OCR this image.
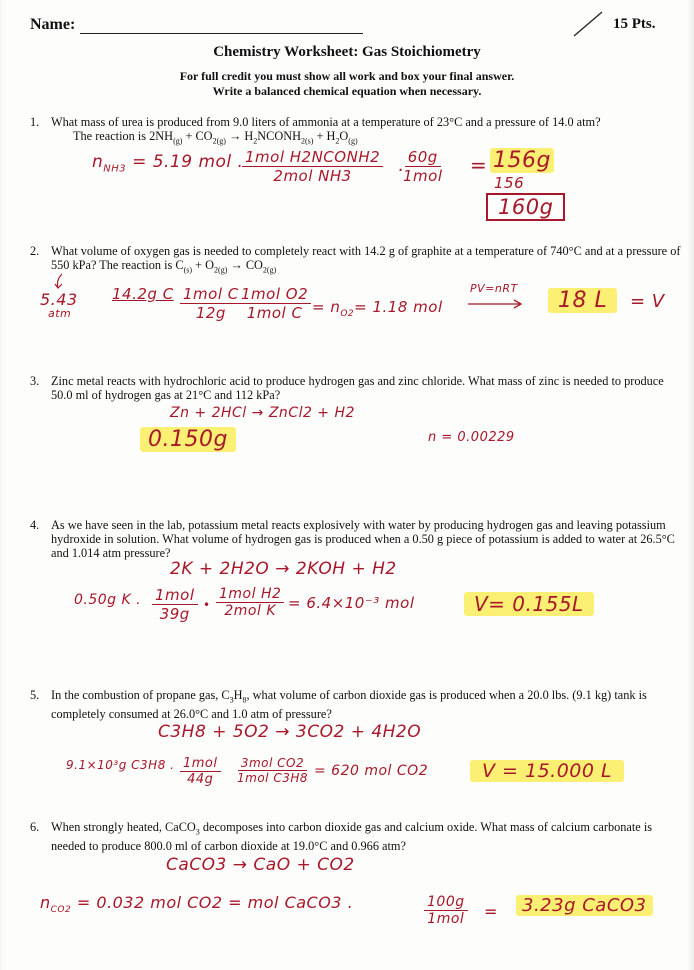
Name:	15 Pts.
Chemistry Worksheet: Gas Stoichiometry
For full credit you must show all work and box your final answer.
Write a balanced chemical equation when necessary.
1. What mass of urea is produced from 9.0 liters of ammonia at a temperature of 23°C and a pressure of 14.0 atm?
The reaction is $2NH_{(g)} + CO_{2(g)}$ → $H_2NCONH_{2(s)} + H_2O_{(g)}$
$n_{NH3} = 5.19$ mol .
$\frac{\text{1mol H2NCONH2}}{\text{2mol NH3}}$ .
$\frac{60g}{\text{1mol}} = 156g$
156
160g
2. What volume of oxygen gas is needed to completely react with 14.2 g of graphite at a temperature of 740°C and at a pressure of
550 kPa? The reaction is $C_{(s)} + O_{2(g)} \to CO_{2(g)}$
5.43
atm
14.2g C $\frac{\text{1mol C}}{12g}$
$\frac{\text{1mol O2}}{\text{1mol C}} = n_{O2}= 1.18$ mol
PV=nRT	18 L	= V
3. Zinc metal reacts with hydrochloric acid to produce hydrogen gas and zinc chloride. What mass of zinc is needed to produce
50.0 ml of hydrogen gas at 21°C and 112 kPa?
Zn + 2HCl → ZnCl2 + H2
n = 0.00229
0.150g
4. As we have seen in the lab, potassium metal reacts explosively with water by producing hydrogen gas and leaving potassium
hydroxide in solution. What volume of hydrogen gas is produced when a 0.50 g piece of potassium is added to water at 26.5°C
and 1.014 atm pressure?
2K + 2H2O → 2KOH + H2
0.50g K . $\frac{\text{1mol}}{39g}$ • $\frac{\text{1mol H2}}{\text{2mol K}} = 6.4\times 10^{-3}$ mol	V= 0.155L
5. In the combustion of propane gas, $C_3H_8$, what volume of carbon dioxide gas is produced when a 20.0 lbs. (9.1 kg) tank is
completely consumed at 26.0°C and 1.0 atm of pressure?
C3H8 + 5O2 → 3CO2 + 4H2O
9.1×10³g C3H8 . $\frac{\text{1mol}}{44g} \frac{\text{3mol CO2}}{\text{1mol C3H8}} = 620$ mol CO2	V = 15.000 L
6. When strongly heated, CaCO$_3$ decomposes into carbon dioxide gas and calcium oxide. What mass of calcium carbonate is
needed to produce 800.0 ml of carbon dioxide at 19.0°C and 0.966 atm?
CaCO3 → CaO + CO2
$n_{CO2} = 0.032$ mol CO2 = mol CaCO3 .	$\frac{100g}{\text{1mol}}$ =	3.23g CaCO3
